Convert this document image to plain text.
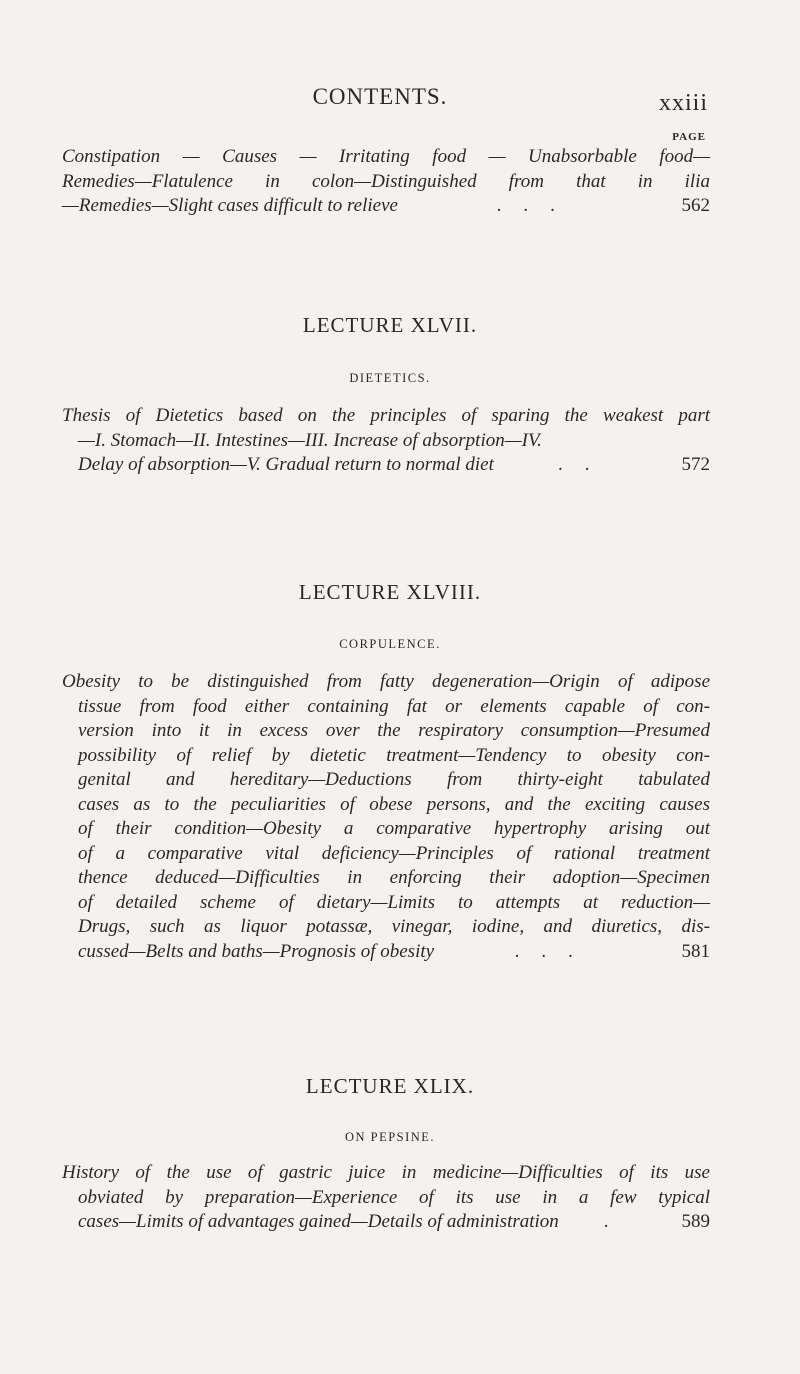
CONTENTS.	xxiii
PAGE
Constipation — Causes — Irritating food — Unabsorbable food—
Remedies—Flatulence in colon—Distinguished from that in ilia
—Remedies—Slight cases difficult to relieve	...	562
LECTURE XLVII.
DIETETICS.
Thesis of Dietetics based on the principles of sparing the weakest part
—I. Stomach—II. Intestines—III. Increase of absorption—IV.
Delay of absorption—V. Gradual return to normal diet	..	572
LECTURE XLVIII.
CORPULENCE.
Obesity to be distinguished from fatty degeneration—Origin of adipose
tissue from food either containing fat or elements capable of con-
version into it in excess over the respiratory consumption—Presumed
possibility of relief by dietetic treatment—Tendency to obesity con-
genital and hereditary—Deductions from thirty-eight tabulated
cases as to the peculiarities of obese persons, and the exciting causes
of their condition—Obesity a comparative hypertrophy arising out
of a comparative vital deficiency—Principles of rational treatment
thence deduced—Difficulties in enforcing their adoption—Specimen
of detailed scheme of dietary—Limits to attempts at reduction—
Drugs, such as liquor potassæ, vinegar, iodine, and diuretics, dis-
cussed—Belts and baths—Prognosis of obesity	...	581
LECTURE XLIX.
ON PEPSINE.
History of the use of gastric juice in medicine—Difficulties of its use
obviated by preparation—Experience of its use in a few typical
cases—Limits of advantages gained—Details of administration	.	589
